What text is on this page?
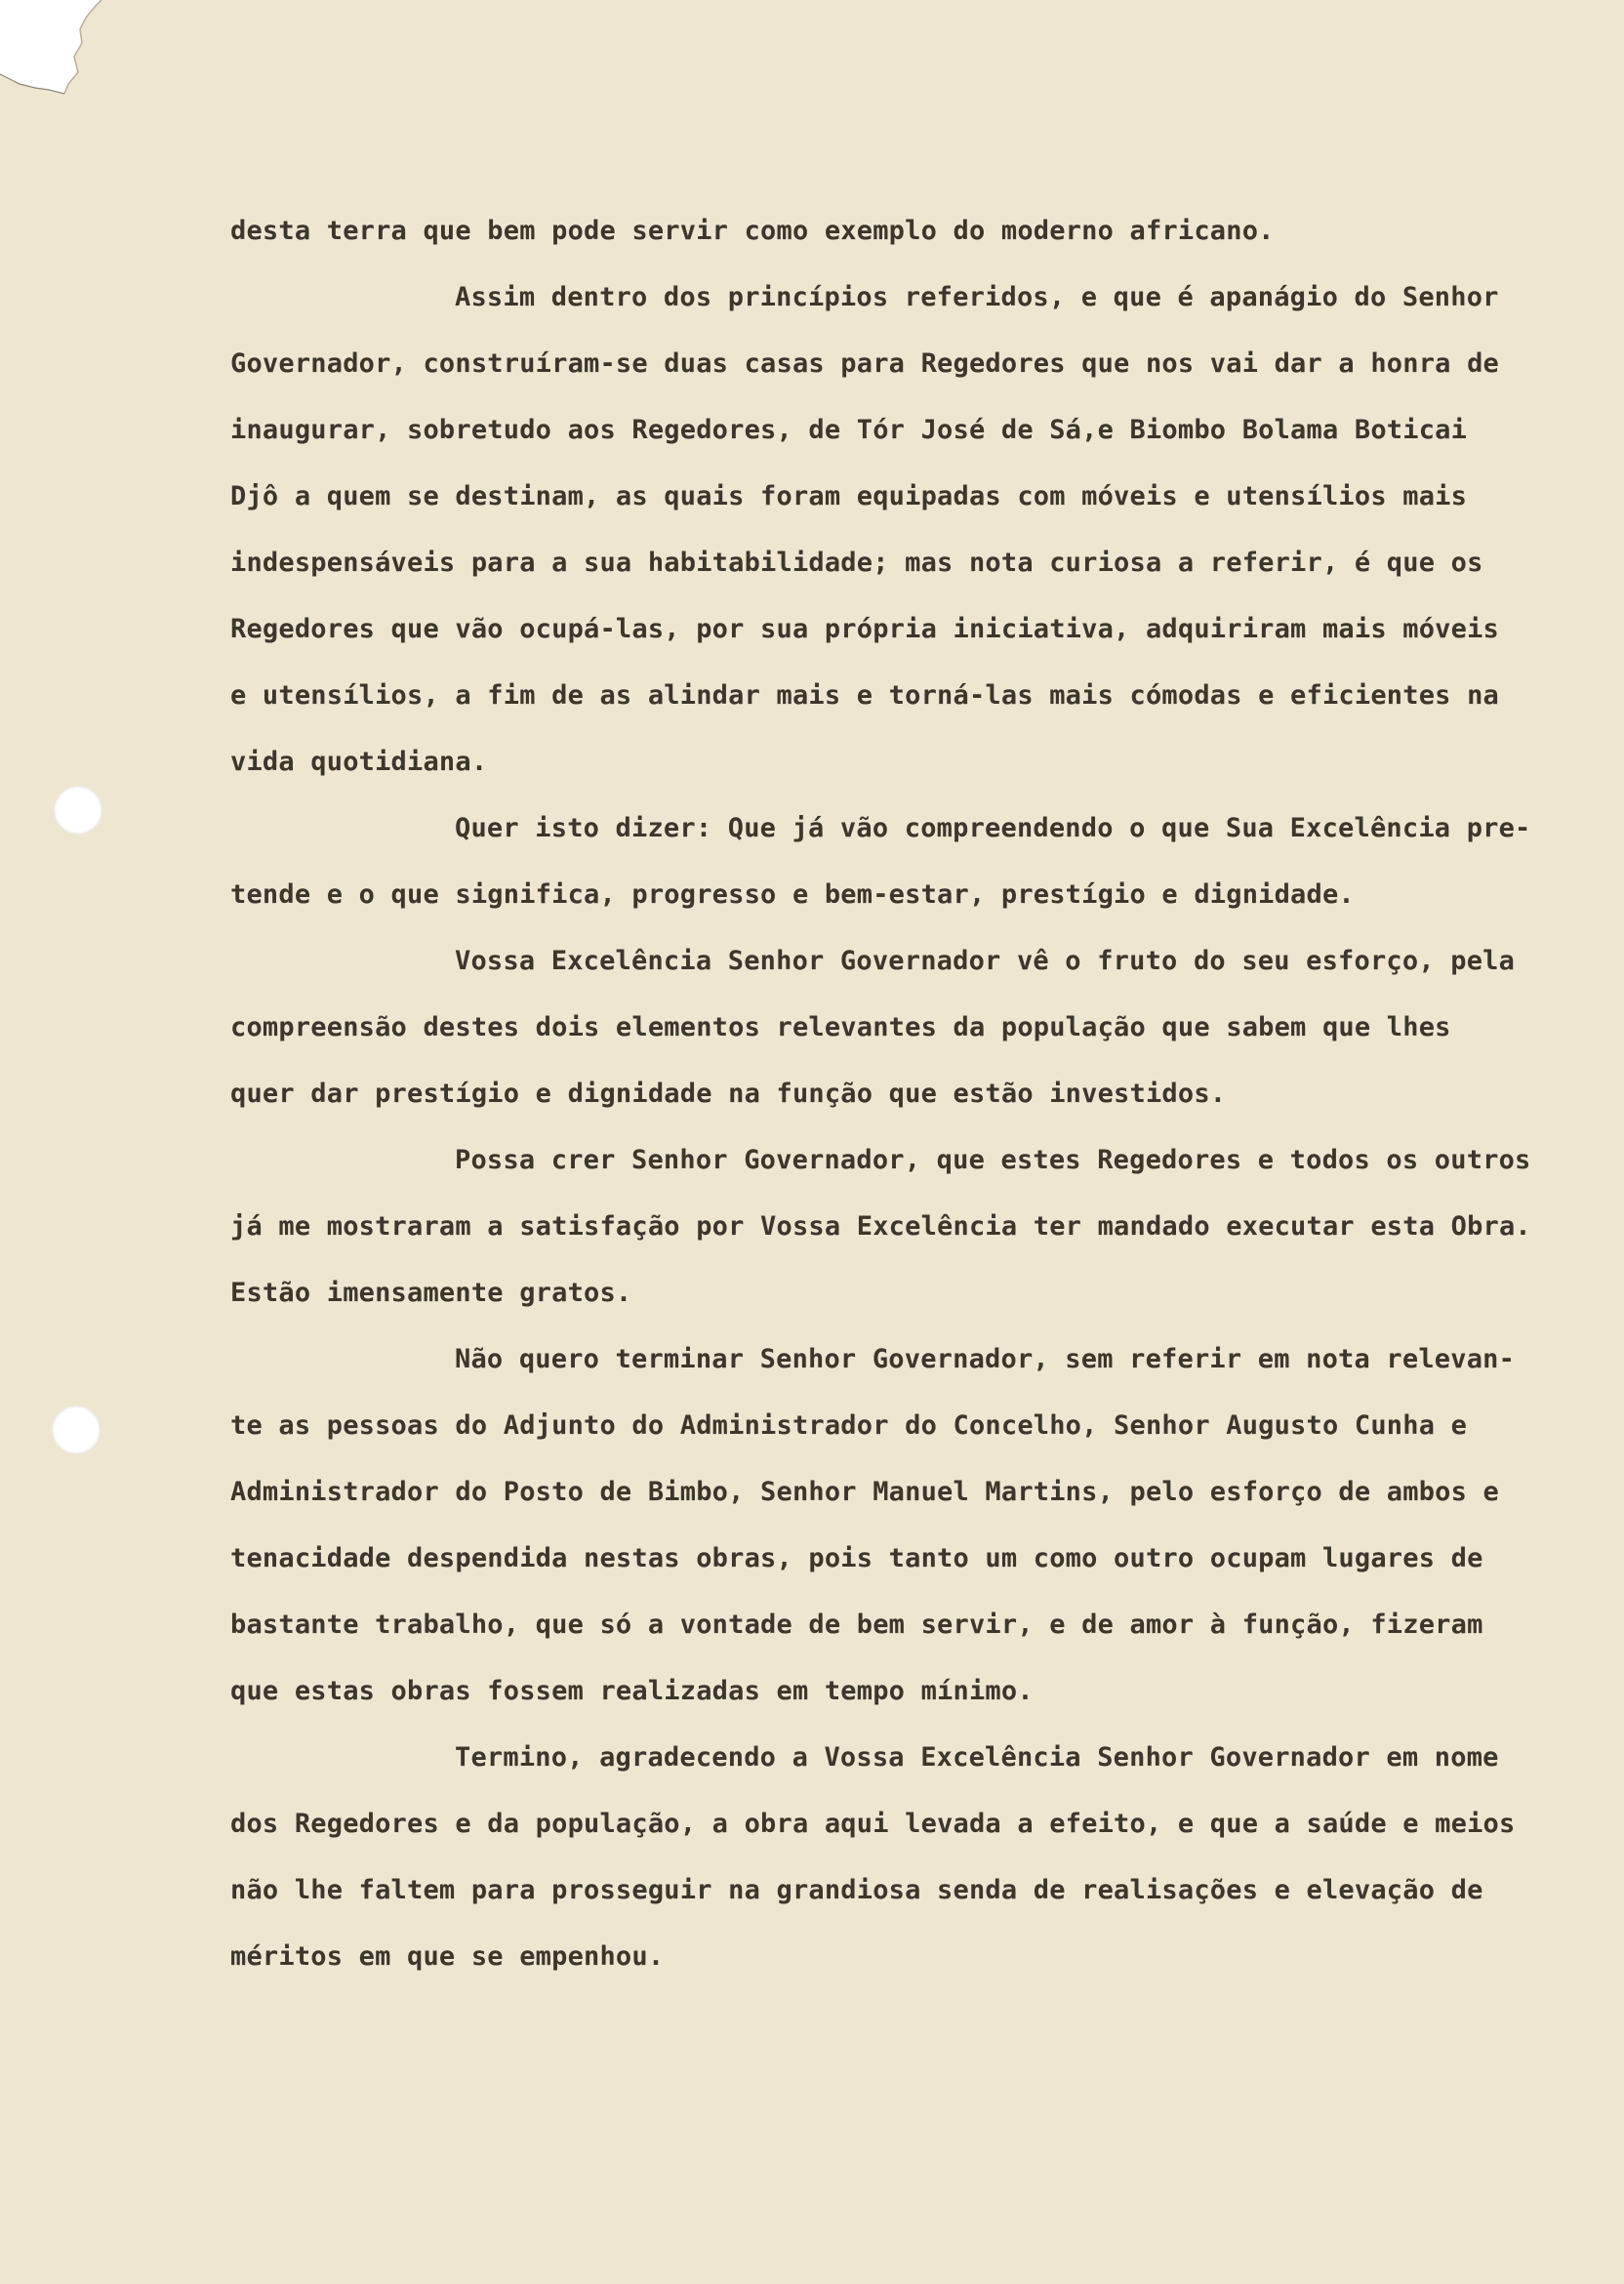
desta terra que bem pode servir como exemplo do moderno africano.
Assim dentro dos princípios referidos, e que é apanágio do Senhor
Governador, construíram-se duas casas para Regedores que nos vai dar a honra de
inaugurar, sobretudo aos Regedores, de Tór José de Sá,e Biombo Bolama Boticai
Djô a quem se destinam, as quais foram equipadas com móveis e utensílios mais
indespensáveis para a sua habitabilidade; mas nota curiosa a referir, é que os
Regedores que vão ocupá-las, por sua própria iniciativa, adquiriram mais móveis
e utensílios, a fim de as alindar mais e torná-las mais cómodas e eficientes na
vida quotidiana.
Quer isto dizer: Que já vão compreendendo o que Sua Excelência pre-
tende e o que significa, progresso e bem-estar, prestígio e dignidade.
Vossa Excelência Senhor Governador vê o fruto do seu esforço, pela
compreensão destes dois elementos relevantes da população que sabem que lhes
quer dar prestígio e dignidade na função que estão investidos.
Possa crer Senhor Governador, que estes Regedores e todos os outros
já me mostraram a satisfação por Vossa Excelência ter mandado executar esta Obra.
Estão imensamente gratos.
Não quero terminar Senhor Governador, sem referir em nota relevan-
te as pessoas do Adjunto do Administrador do Concelho, Senhor Augusto Cunha e
Administrador do Posto de Bimbo, Senhor Manuel Martins, pelo esforço de ambos e
tenacidade despendida nestas obras, pois tanto um como outro ocupam lugares de
bastante trabalho, que só a vontade de bem servir, e de amor à função, fizeram
que estas obras fossem realizadas em tempo mínimo.
Termino, agradecendo a Vossa Excelência Senhor Governador em nome
dos Regedores e da população, a obra aqui levada a efeito, e que a saúde e meios
não lhe faltem para prosseguir na grandiosa senda de realisações e elevação de
méritos em que se empenhou.
